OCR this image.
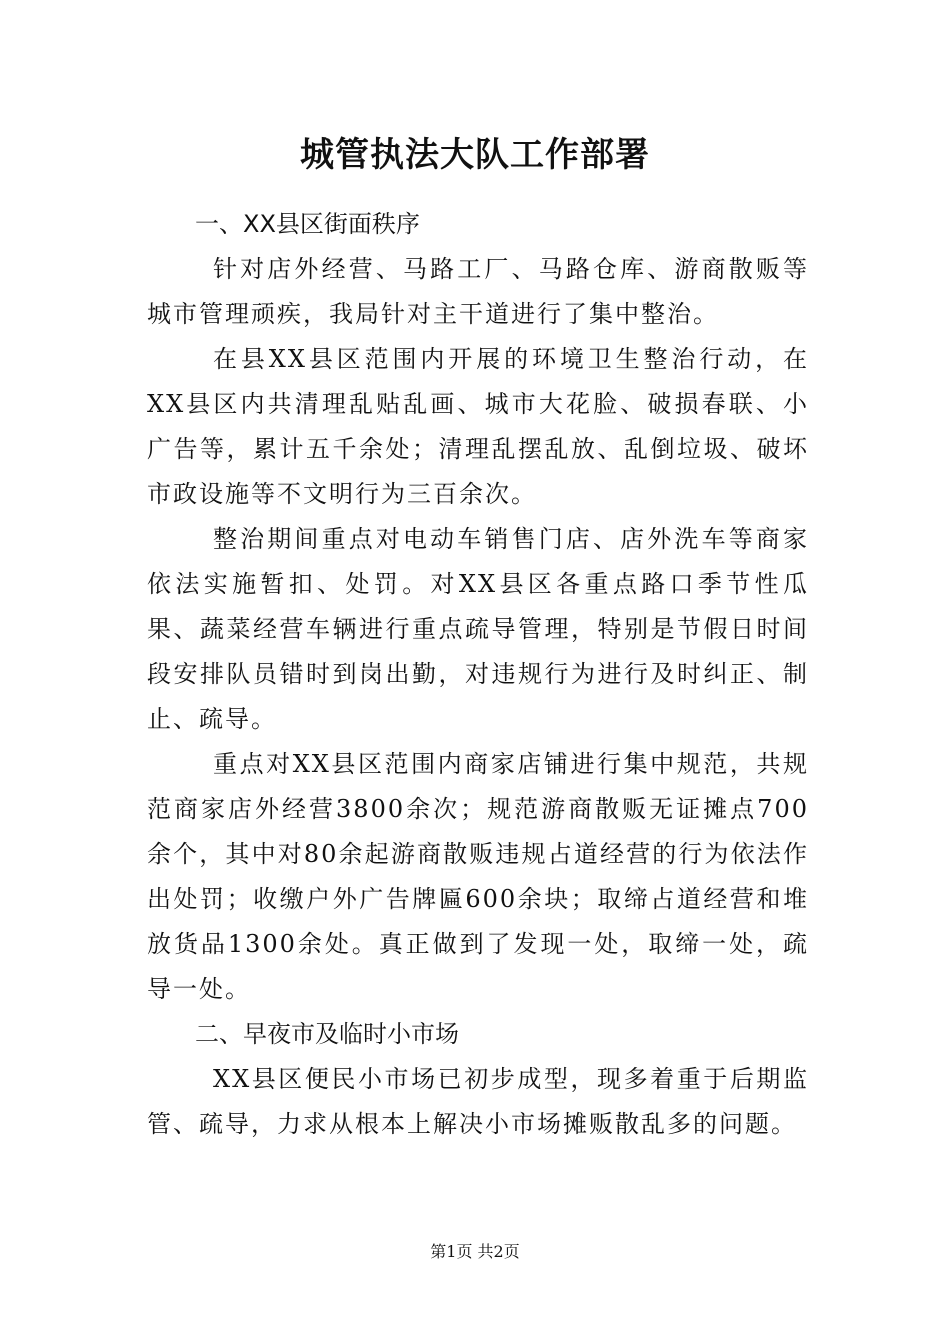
城管执法大队工作部署
一、XX县区街面秩序

针对店外经营、马路工厂、马路仓库、游商散贩等城市管理顽疾，我局针对主干道进行了集中整治。

在县XX县区范围内开展的环境卫生整治行动，在XX县区内共清理乱贴乱画、城市大花脸、破损春联、小广告等，累计五千余处；清理乱摆乱放、乱倒垃圾、破坏市政设施等不文明行为三百余次。

整治期间重点对电动车销售门店、店外洗车等商家依法实施暂扣、处罚。对XX县区各重点路口季节性瓜果、蔬菜经营车辆进行重点疏导管理，特别是节假日时间段安排队员错时到岗出勤，对违规行为进行及时纠正、制止、疏导。

重点对XX县区范围内商家店铺进行集中规范，共规范商家店外经营3800余次；规范游商散贩无证摊点700余个，其中对80余起游商散贩违规占道经营的行为依法作出处罚；收缴户外广告牌匾600余块；取缔占道经营和堆放货品1300余处。真正做到了发现一处，取缔一处，疏导一处。

二、早夜市及临时小市场

XX县区便民小市场已初步成型，现多着重于后期监管、疏导，力求从根本上解决小市场摊贩散乱多的问题。

第1页 共2页
